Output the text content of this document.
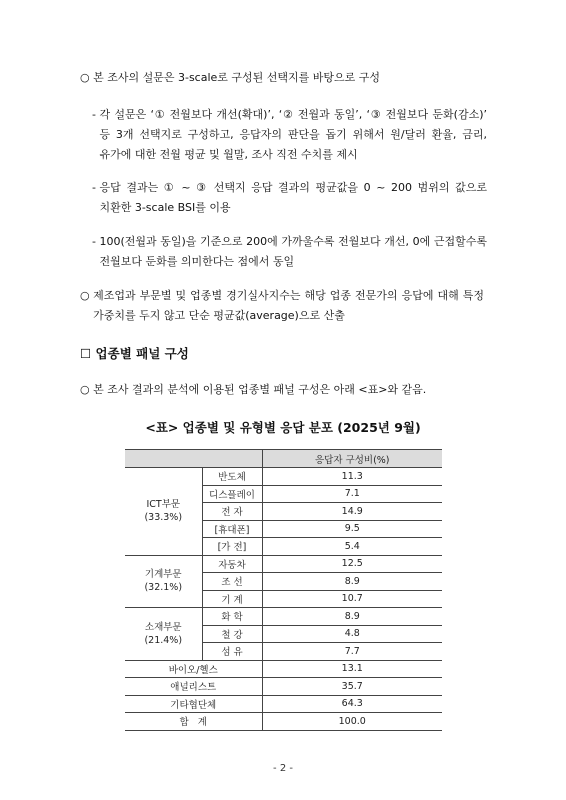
○ 본 조사의 설문은 3-scale로 구성된 선택지를 바탕으로 구성
- 각 설문은 ‘① 전월보다 개선(확대)’, ‘② 전월과 동일’, ‘③ 전월보다 둔화(감소)’ 등 3개 선택지로 구성하고, 응답자의 판단을 돕기 위해서 원/달러 환율, 금리, 유가에 대한 전월 평균 및 월말, 조사 직전 수치를 제시
- 응답 결과는 ① ~ ③ 선택지 응답 결과의 평균값을 0 ~ 200 범위의 값으로 치환한 3-scale BSI를 이용
- 100(전월과 동일)을 기준으로 200에 가까울수록 전월보다 개선, 0에 근접할수록 전월보다 둔화를 의미한다는 점에서 동일
○ 제조업과 부문별 및 업종별 경기실사지수는 해당 업종 전문가의 응답에 대해 특정 가중치를 두지 않고 단순 평균값(average)으로 산출
☐ 업종별 패널 구성
○ 본 조사 결과의 분석에 이용된 업종별 패널 구성은 아래 <표>와 같음.
<표> 업종별 및 유형별 응답 분포 (2025년 9월)
		응답자 구성비(%)

ICT부문
(33.3%)	반도체	11.3
	디스플레이	7.1
	전 자	14.9
	[휴대폰]	9.5
	[가 전]	5.4

기계부문
(32.1%)	자동차	12.5
	조 선	8.9
	기 계	10.7

소재부문
(21.4%)	화 학	8.9
	철 강	4.8
	섬 유	7.7
바이오/헬스		13.1
애널리스트		35.7
기타협단체		64.3
합   계		100.0
- 2 -
